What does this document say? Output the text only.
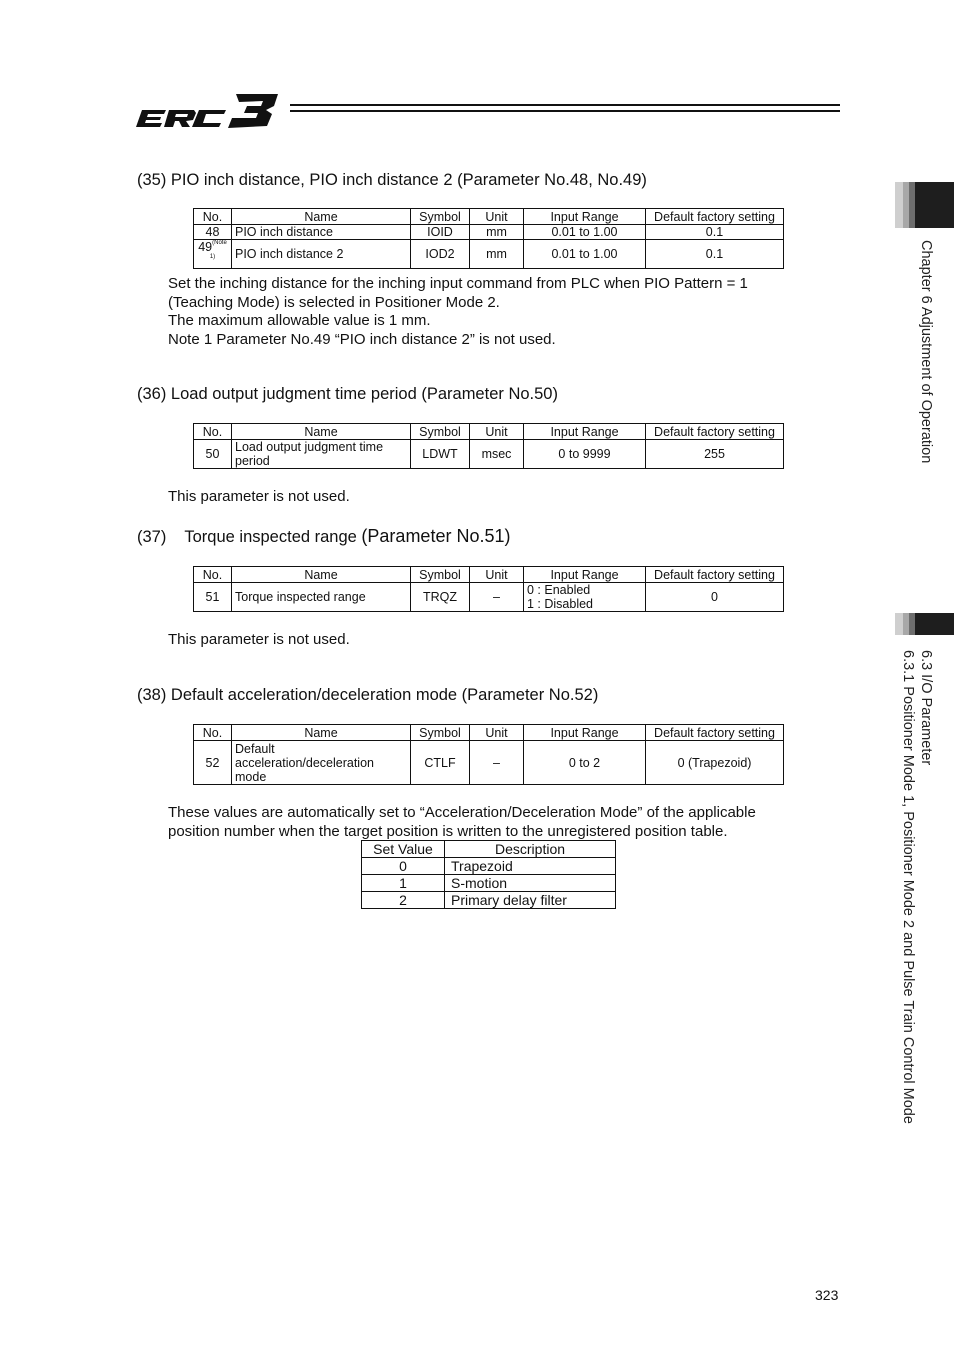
Chapter 6 Adjustment of Operation
6.3 I/O Parameter
6.3.1 Positioner Mode 1, Positioner Mode 2 and Pulse Train Control Mode
(35) PIO inch distance, PIO inch distance 2 (Parameter No.48, No.49)
No.	Name	Symbol	Unit	Input Range	Default factory setting
48	PIO inch distance	IOID	mm	0.01 to 1.00	0.1
49$^{(Note 1)}$	PIO inch distance 2	IOD2	mm	0.01 to 1.00	0.1
Set the inching distance for the inching input command from PLC when PIO Pattern = 1
(Teaching Mode) is selected in Positioner Mode 2.
The maximum allowable value is 1 mm.
Note 1 Parameter No.49 “PIO inch distance 2” is not used.
(36) Load output judgment time period (Parameter No.50)
No.	Name	Symbol	Unit	Input Range	Default factory setting
50	Load output judgment time period	LDWT	msec	0 to 9999	255
This parameter is not used.
(37)    Torque inspected range (Parameter No.51)
No.	Name	Symbol	Unit	Input Range	Default factory setting
51	Torque inspected range	TRQZ	–	0 : Enabled
1 : Disabled	0
This parameter is not used.
(38) Default acceleration/deceleration mode (Parameter No.52)
No.	Name	Symbol	Unit	Input Range	Default factory setting
52	Default
acceleration/deceleration
mode	CTLF	–	0 to 2	0 (Trapezoid)
These values are automatically set to “Acceleration/Deceleration Mode” of the applicable
position number when the target position is written to the unregistered position table.
Set Value	Description
0	Trapezoid
1	S-motion
2	Primary delay filter
323
